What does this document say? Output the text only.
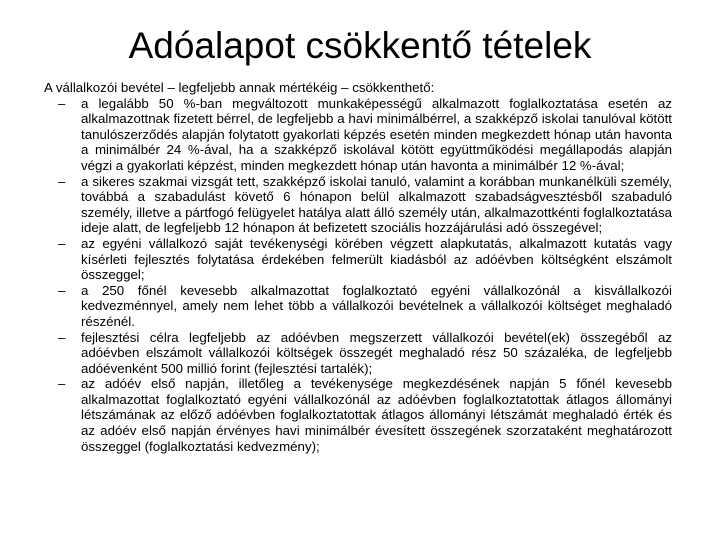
Adóalapot csökkentő tételek

A vállalkozói bevétel – legfeljebb annak mértékéig – csökkenthető:

– a legalább 50 %-ban megváltozott munkaképességű alkalmazott foglalkoztatása esetén az alkalmazottnak fizetett bérrel, de legfeljebb a havi minimálbérrel, a szakképző iskolai tanulóval kötött tanulószerződés alapján folytatott gyakorlati képzés esetén minden megkezdett hónap után havonta a minimálbér 24 %-ával, ha a szakképző iskolával kötött együttműködési megállapodás alapján végzi a gyakorlati képzést, minden megkezdett hónap után havonta a minimálbér 12 %-ával;
– a sikeres szakmai vizsgát tett, szakképző iskolai tanuló, valamint a korábban munkanélküli személy, továbbá a szabadulást követő 6 hónapon belül alkalmazott szabadságvesztésből szabaduló személy, illetve a pártfogó felügyelet hatálya alatt álló személy után, alkalmazottkénti foglalkoztatása ideje alatt, de legfeljebb 12 hónapon át befizetett szociális hozzájárulási adó összegével;
– az egyéni vállalkozó saját tevékenységi körében végzett alapkutatás, alkalmazott kutatás vagy kísérleti fejlesztés folytatása érdekében felmerült kiadásból az adóévben költségként elszámolt összeggel;
– a 250 főnél kevesebb alkalmazottat foglalkoztató egyéni vállalkozónál a kisvállalkozói kedvezménnyel, amely nem lehet több a vállalkozói bevételnek a vállalkozói költséget meghaladó részénél.
– fejlesztési célra legfeljebb az adóévben megszerzett vállalkozói bevétel(ek) összegéből az adóévben elszámolt vállalkozói költségek összegét meghaladó rész 50 százaléka, de legfeljebb adóévenként 500 millió forint (fejlesztési tartalék);
– az adóév első napján, illetőleg a tevékenysége megkezdésének napján 5 főnél kevesebb alkalmazottat foglalkoztató egyéni vállalkozónál az adóévben foglalkoztatottak átlagos állományi létszámának az előző adóévben foglalkoztatottak átlagos állományi létszámát meghaladó érték és az adóév első napján érvényes havi minimálbér évesített összegének szorzataként meghatározott összeggel (foglalkoztatási kedvezmény);
